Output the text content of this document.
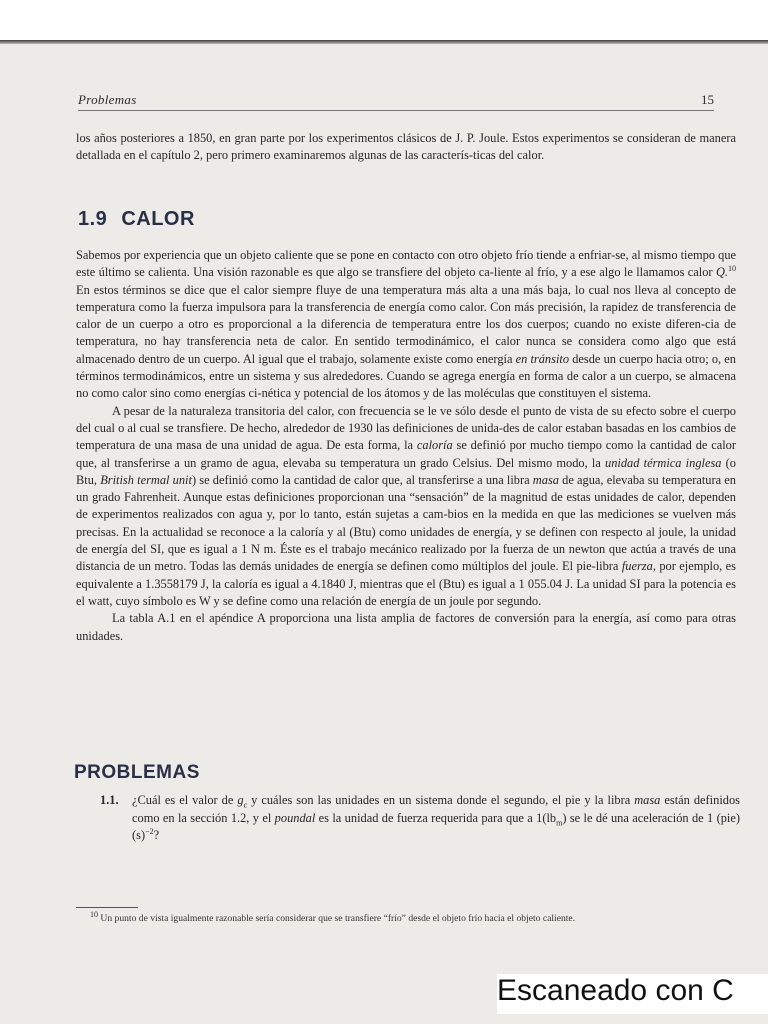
Problemas	15

los años posteriores a 1850, en gran parte por los experimentos clásicos de J. P. Joule. Estos experimentos se consideran de manera detallada en el capítulo 2, pero primero examinaremos algunas de las caracterís-ticas del calor.

1.9 CALOR

Sabemos por experiencia que un objeto caliente que se pone en contacto con otro objeto frío tiende a enfriar-se, al mismo tiempo que este último se calienta. Una visión razonable es que algo se transfiere del objeto ca-liente al frío, y a ese algo le llamamos calor Q.$^{10}$ En estos términos se dice que el calor siempre fluye de una temperatura más alta a una más baja, lo cual nos lleva al concepto de temperatura como la fuerza impulsora para la transferencia de energía como calor. Con más precisión, la rapidez de transferencia de calor de un cuerpo a otro es proporcional a la diferencia de temperatura entre los dos cuerpos; cuando no existe diferen-cia de temperatura, no hay transferencia neta de calor. En sentido termodinámico, el calor nunca se considera como algo que está almacenado dentro de un cuerpo. Al igual que el trabajo, solamente existe como energía en tránsito desde un cuerpo hacia otro; o, en términos termodinámicos, entre un sistema y sus alrededores. Cuando se agrega energía en forma de calor a un cuerpo, se almacena no como calor sino como energías ci-nética y potencial de los átomos y de las moléculas que constituyen el sistema.

A pesar de la naturaleza transitoria del calor, con frecuencia se le ve sólo desde el punto de vista de su efecto sobre el cuerpo del cual o al cual se transfiere. De hecho, alrededor de 1930 las definiciones de unida-des de calor estaban basadas en los cambios de temperatura de una masa de una unidad de agua. De esta forma, la caloría se definió por mucho tiempo como la cantidad de calor que, al transferirse a un gramo de agua, elevaba su temperatura un grado Celsius. Del mismo modo, la unidad térmica inglesa (o Btu, British termal unit) se definió como la cantidad de calor que, al transferirse a una libra masa de agua, elevaba su temperatura en un grado Fahrenheit. Aunque estas definiciones proporcionan una “sensación” de la magnitud de estas unidades de calor, dependen de experimentos realizados con agua y, por lo tanto, están sujetas a cam-bios en la medida en que las mediciones se vuelven más precisas. En la actualidad se reconoce a la caloría y al (Btu) como unidades de energía, y se definen con respecto al joule, la unidad de energía del SI, que es igual a 1 N m. Éste es el trabajo mecánico realizado por la fuerza de un newton que actúa a través de una distancia de un metro. Todas las demás unidades de energía se definen como múltiplos del joule. El pie-libra fuerza, por ejemplo, es equivalente a 1.3558179 J, la caloría es igual a 4.1840 J, mientras que el (Btu) es igual a 1 055.04 J. La unidad SI para la potencia es el watt, cuyo símbolo es W y se define como una relación de energía de un joule por segundo.

La tabla A.1 en el apéndice A proporciona una lista amplia de factores de conversión para la energía, así como para otras unidades.

PROBLEMAS
1.1. ¿Cuál es el valor de $g_c$ y cuáles son las unidades en un sistema donde el segundo, el pie y la libra masa están definidos como en la sección 1.2, y el poundal es la unidad de fuerza requerida para que a $1(lb_m)$ se le dé una aceleración de 1 $(pie)(s)^{-2}$?
$^{10}$ Un punto de vista igualmente razonable sería considerar que se transfiere “frío” desde el objeto frío hacia el objeto caliente.
Escaneado con C
